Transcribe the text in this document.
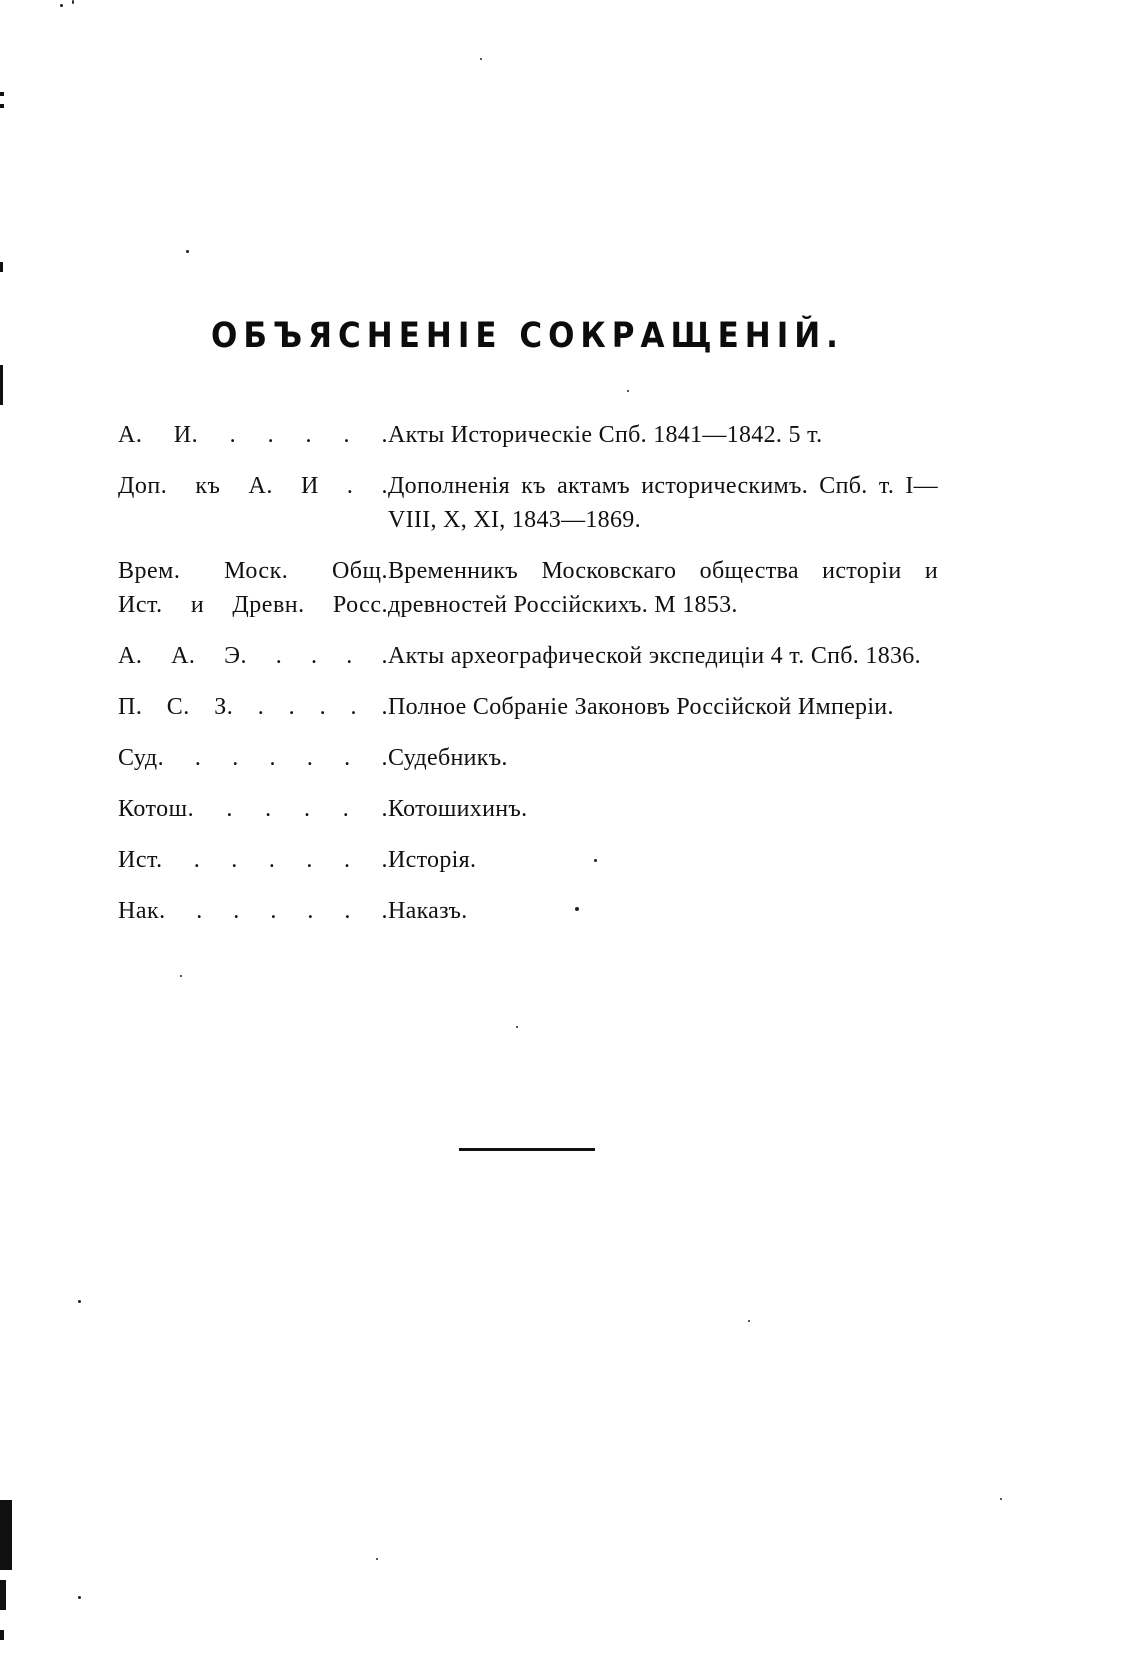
ОБЪЯСНЕНІЕ СОКРАЩЕНІЙ.
А. И. . . . . . Акты Историческіе Спб. 1841—1842. 5 т.
Доп. къ А. И . . Дополненія къ актамъ историческимъ. Спб. т. I—VIII, X, XI, 1843—1869.
Врем. Моск. Общ.
Ист. и Древн. Росс.
Временникъ Московскаго общества исторіи и древностей Россійскихъ. М 1853.
А. А. Э. . . . . Акты археографической экспедиціи 4 т. Спб. 1836.
П. С. З. . . . . . Полное Собраніе Законовъ Россійской Имперіи.
Суд. . . . . . . Судебникъ.
Котош. . . . . . Котошихинъ.
Ист. . . . . . . Исторія.
Нак. . . . . . . Наказъ.
